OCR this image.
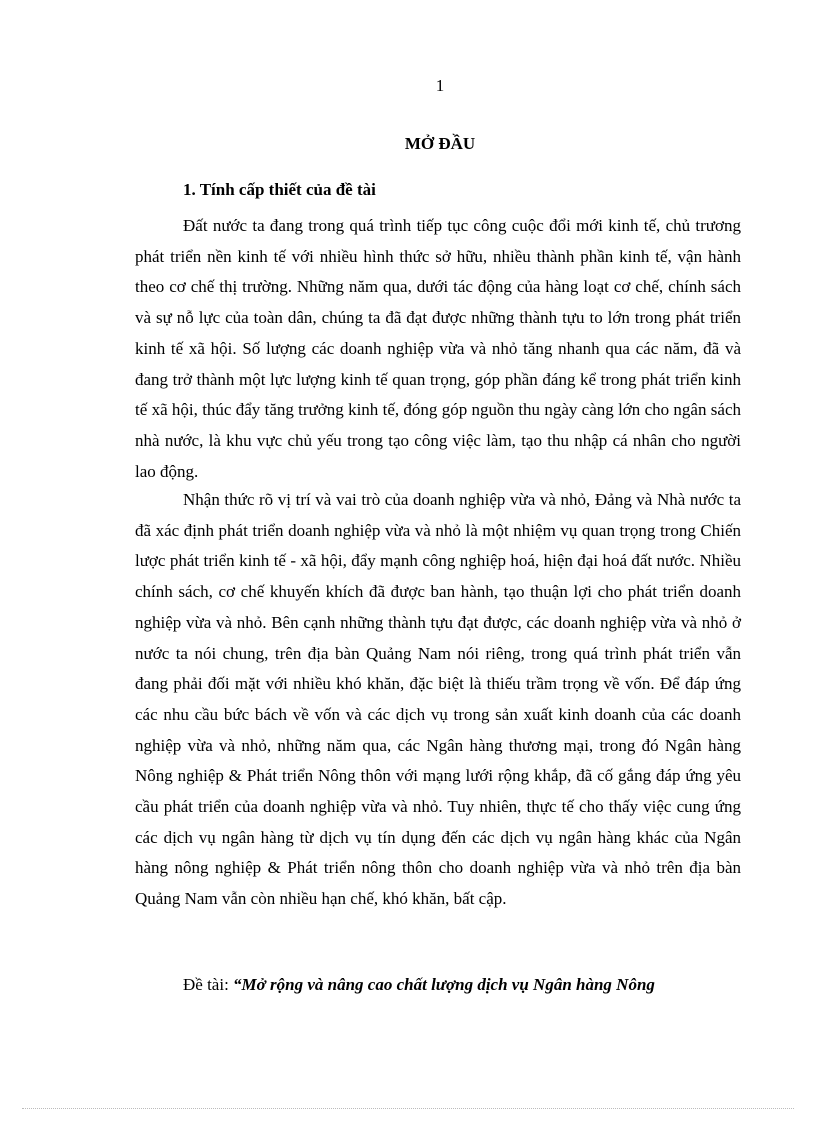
1
MỞ ĐẦU
1. Tính cấp thiết của đề tài

Đất nước ta đang trong quá trình tiếp tục công cuộc đổi mới kinh tế, chủ trương phát triển nền kinh tế với nhiều hình thức sở hữu, nhiều thành phần kinh tế, vận hành theo cơ chế thị trường. Những năm qua, dưới tác động của hàng loạt cơ chế, chính sách và sự nỗ lực của toàn dân, chúng ta đã đạt được những thành tựu to lớn trong phát triển kinh tế xã hội. Số lượng các doanh nghiệp vừa và nhỏ tăng nhanh qua các năm, đã và đang trở thành một lực lượng kinh tế quan trọng, góp phần đáng kể trong phát triển kinh tế xã hội, thúc đẩy tăng trưởng kinh tế, đóng góp nguồn thu ngày càng lớn cho ngân sách nhà nước, là khu vực chủ yếu trong tạo công việc làm, tạo thu nhập cá nhân cho người lao động.

Nhận thức rõ vị trí và vai trò của doanh nghiệp vừa và nhỏ, Đảng và Nhà nước ta đã xác định phát triển doanh nghiệp vừa và nhỏ là một nhiệm vụ quan trọng trong Chiến lược phát triển kinh tế - xã hội, đẩy mạnh công nghiệp hoá, hiện đại hoá đất nước. Nhiều chính sách, cơ chế khuyến khích đã được ban hành, tạo thuận lợi cho phát triển doanh nghiệp vừa và nhỏ. Bên cạnh những thành tựu đạt được, các doanh nghiệp vừa và nhỏ ở nước ta nói chung, trên địa bàn Quảng Nam nói riêng, trong quá trình phát triển vẫn đang phải đối mặt với nhiều khó khăn, đặc biệt là thiếu trầm trọng về vốn. Để đáp ứng các nhu cầu bức bách về vốn và các dịch vụ trong sản xuất kinh doanh của các doanh nghiệp vừa và nhỏ, những năm qua, các Ngân hàng thương mại, trong đó Ngân hàng Nông nghiệp & Phát triển Nông thôn với mạng lưới rộng khắp, đã cố gắng đáp ứng yêu cầu phát triển của doanh nghiệp vừa và nhỏ. Tuy nhiên, thực tế cho thấy việc cung ứng các dịch vụ ngân hàng từ dịch vụ tín dụng đến các dịch vụ ngân hàng khác của Ngân hàng nông nghiệp & Phát triển nông thôn cho doanh nghiệp vừa và nhỏ trên địa bàn Quảng Nam vẫn còn nhiều hạn chế, khó khăn, bất cập.

Đề tài: “Mở rộng và nâng cao chất lượng dịch vụ Ngân hàng Nông
